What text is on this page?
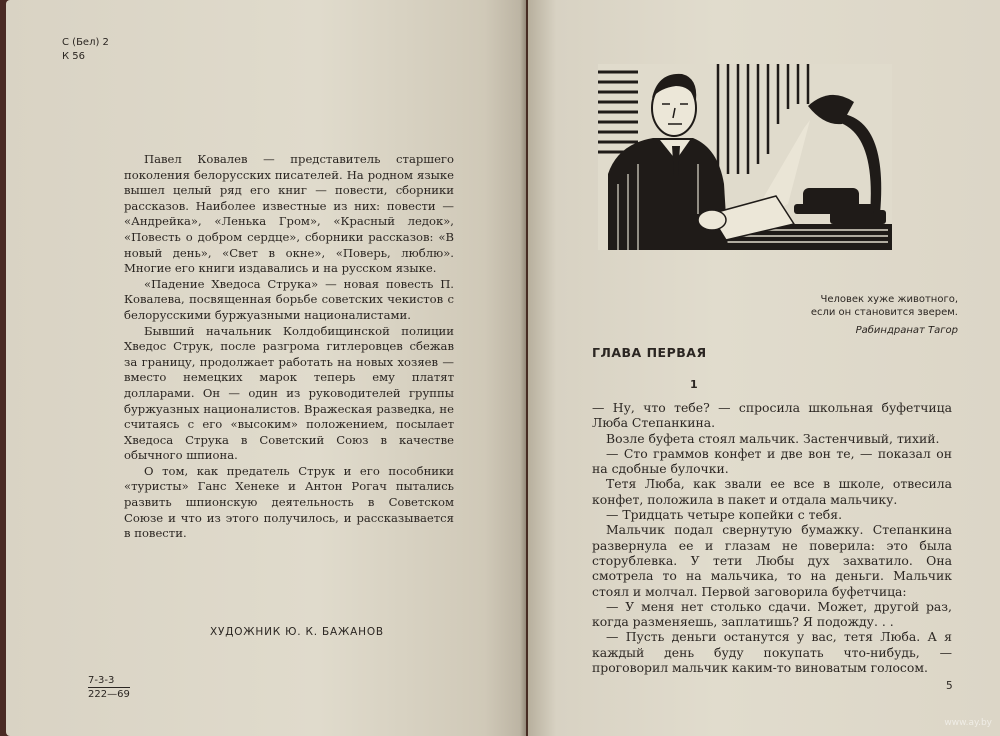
С (Бел) 2
К 56

Павел Ковалев — представитель старшего поколения белорусских писателей. На родном языке вышел целый ряд его книг — повести, сборники рассказов. Наиболее известные из них: повести — «Андрейка», «Ленька Гром», «Красный ледок», «Повесть о добром сердце», сборники рассказов: «В новый день», «Свет в окне», «Поверь, люблю». Многие его книги издавались и на русском языке.

«Падение Хведоса Струка» — новая повесть П. Ковалева, посвященная борьбе советских чекистов с белорусскими буржуазными националистами.

Бывший начальник Колдобищинской полиции Хведос Струк, после разгрома гитлеровцев сбежав за границу, продолжает работать на новых хозяев — вместо немецких марок теперь ему платят долларами. Он — один из руководителей группы буржуазных националистов. Вражеская разведка, не считаясь с его «высоким» положением, посылает Хведоса Струка в Советский Союз в качестве обычного шпиона.

О том, как предатель Струк и его пособники «туристы» Ганс Хенеке и Антон Рогач пытались развить шпионскую деятельность в Советском Союзе и что из этого получилось, и рассказывается в повести.

ХУДОЖНИК Ю. К. БАЖАНОВ
7-3-3
222—69
Человек хуже животного,
если он становится зверем.
Рабиндранат Тагор
ГЛАВА ПЕРВАЯ
1

— Ну, что тебе? — спросила школьная буфетчица Люба Степанкина.

Возле буфета стоял мальчик. Застенчивый, тихий.

— Сто граммов конфет и две вон те, — показал он на сдобные булочки.

Тетя Люба, как звали ее все в школе, отвесила конфет, положила в пакет и отдала мальчику.

— Тридцать четыре копейки с тебя.

Мальчик подал свернутую бумажку. Степанкина развернула ее и глазам не поверила: это была сторублевка. У тети Любы дух захватило. Она смотрела то на мальчика, то на деньги. Мальчик стоял и молчал. Первой заговорила буфетчица:

— У меня нет столько сдачи. Может, другой раз, когда разменяешь, заплатишь? Я подожду. . .

— Пусть деньги останутся у вас, тетя Люба. А я каждый день буду покупать что-нибудь, — проговорил мальчик каким-то виноватым голосом.

5
www.ay.by
